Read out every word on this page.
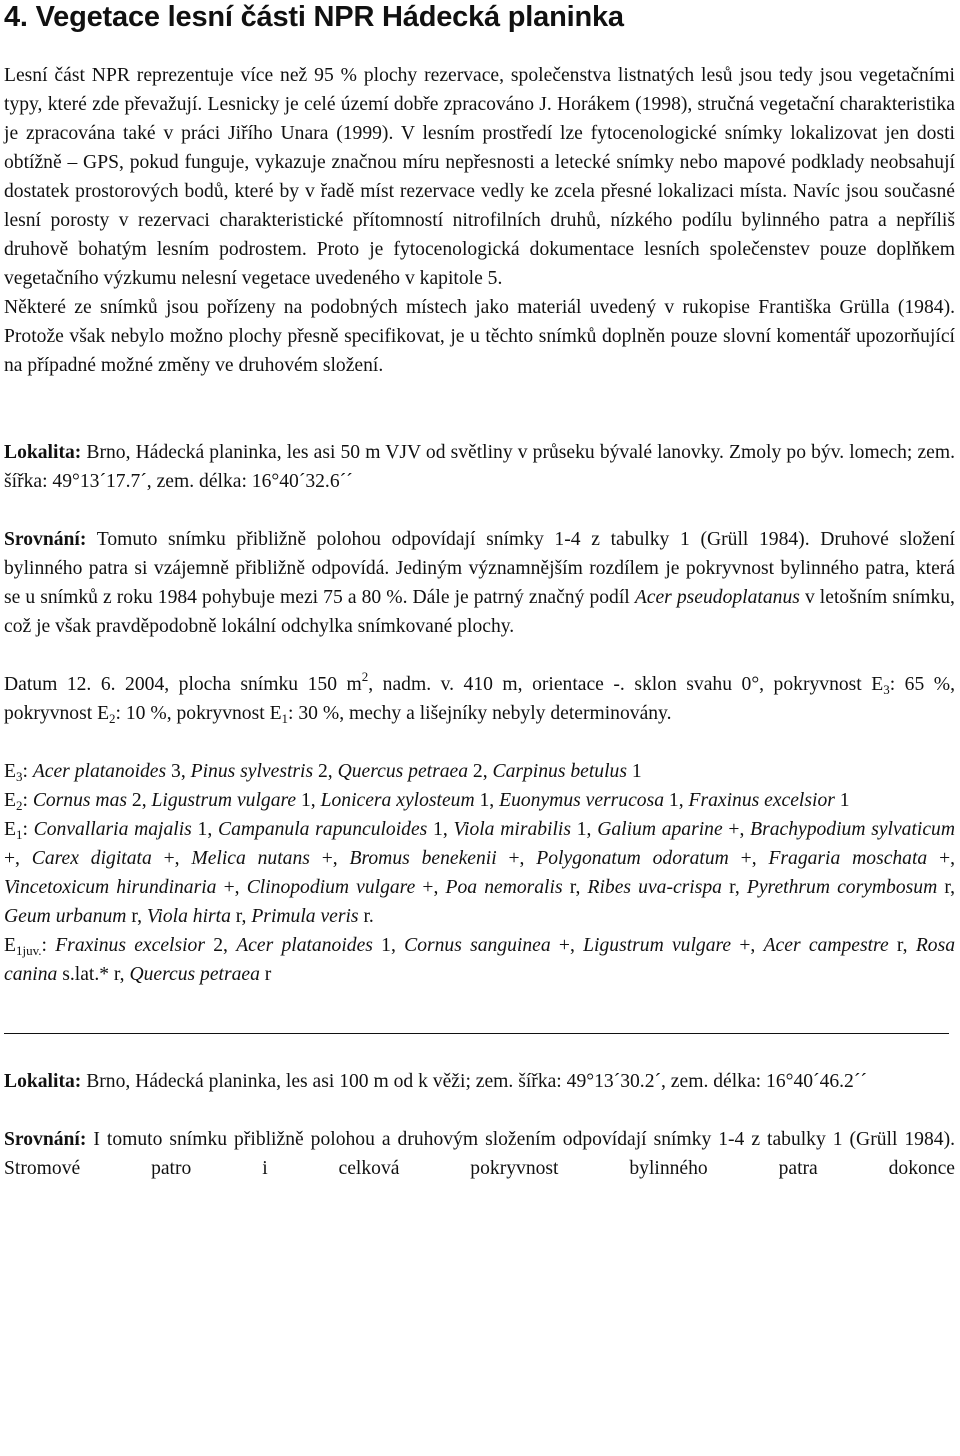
4. Vegetace lesní části NPR Hádecká planinka

Lesní část NPR reprezentuje více než 95 % plochy rezervace, společenstva listnatých lesů jsou tedy jsou vegetačními typy, které zde převažují. Lesnicky je celé území dobře zpracováno J. Horákem (1998), stručná vegetační charakteristika je zpracována také v práci Jiřího Unara (1999). V lesním prostředí lze fytocenologické snímky lokalizovat jen dosti obtížně – GPS, pokud funguje, vykazuje značnou míru nepřesnosti a letecké snímky nebo mapové podklady neobsahují dostatek prostorových bodů, které by v řadě míst rezervace vedly ke zcela přesné lokalizaci místa. Navíc jsou současné lesní porosty v rezervaci charakteristické přítomností nitrofilních druhů, nízkého podílu bylinného patra a nepříliš druhově bohatým lesním podrostem. Proto je fytocenologická dokumentace lesních společenstev pouze doplňkem vegetačního výzkumu nelesní vegetace uvedeného v kapitole 5.

Některé ze snímků jsou pořízeny na podobných místech jako materiál uvedený v rukopise Františka Grülla (1984). Protože však nebylo možno plochy přesně specifikovat, je u těchto snímků doplněn pouze slovní komentář upozorňující na případné možné změny ve druhovém složení.

Lokalita: Brno, Hádecká planinka, les asi 50 m VJV od světliny v průseku bývalé lanovky. Zmoly po býv. lomech; zem. šířka: 49°13´17.7´, zem. délka: 16°40´32.6´´

Srovnání: Tomuto snímku přibližně polohou odpovídají snímky 1-4 z tabulky 1 (Grüll 1984). Druhové složení bylinného patra si vzájemně přibližně odpovídá. Jediným významnějším rozdílem je pokryvnost bylinného patra, která se u snímků z roku 1984 pohybuje mezi 75 a 80 %. Dále je patrný značný podíl Acer pseudoplatanus v letošním snímku, což je však pravděpodobně lokální odchylka snímkované plochy.

Datum 12. 6. 2004, plocha snímku 150 $m^2$, nadm. v. 410 m, orientace -. sklon svahu 0°, pokryvnost $E_3$: 65 %, pokryvnost $E_2$: 10 %, pokryvnost $E_1$: 30 %, mechy a lišejníky nebyly determinovány.

$E_3$: Acer platanoides 3, Pinus sylvestris 2, Quercus petraea 2, Carpinus betulus 1

$E_2$: Cornus mas 2, Ligustrum vulgare 1, Lonicera xylosteum 1, Euonymus verrucosa 1, Fraxinus excelsior 1

$E_1$: Convallaria majalis 1, Campanula rapunculoides 1, Viola mirabilis 1, Galium aparine +, Brachypodium sylvaticum +, Carex digitata +, Melica nutans +, Bromus benekenii +, Polygonatum odoratum +, Fragaria moschata +, Vincetoxicum hirundinaria +, Clinopodium vulgare +, Poa nemoralis r, Ribes uva-crispa r, Pyrethrum corymbosum r, Geum urbanum r, Viola hirta r, Primula veris r.

$E_{1juv.}$: Fraxinus excelsior 2, Acer platanoides 1, Cornus sanguinea +, Ligustrum vulgare +, Acer campestre r, Rosa canina s.lat.* r, Quercus petraea r

Lokalita: Brno, Hádecká planinka, les asi 100 m od k věži; zem. šířka: 49°13´30.2´, zem. délka: 16°40´46.2´´

Srovnání: I tomuto snímku přibližně polohou a druhovým složením odpovídají snímky 1-4 z tabulky 1 (Grüll 1984). Stromové patro i celková pokryvnost bylinného patra dokonce
